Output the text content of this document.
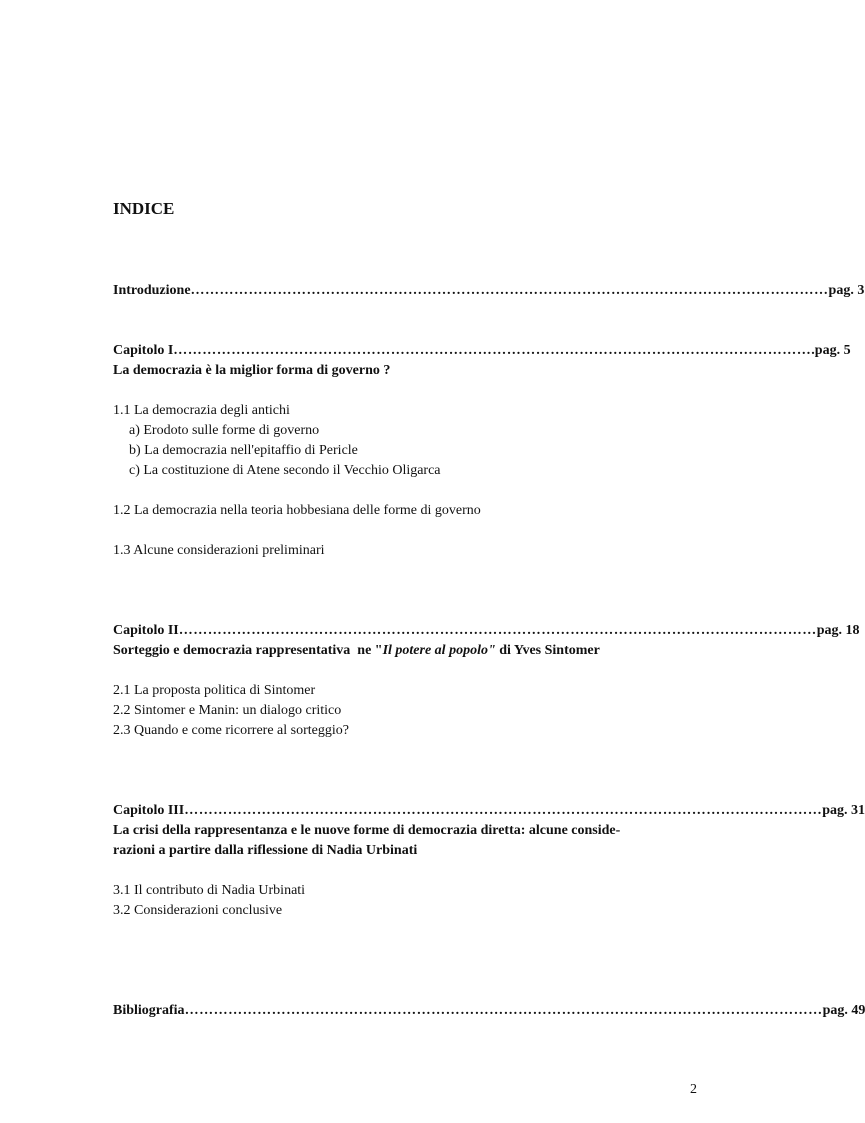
INDICE
Introduzione …………………………………………………………………………………………………………………… pag. 3
Capitolo I …………………………………………………………………………………………………………………… .pag. 5
La democrazia è la miglior forma di governo ?
1.1 La democrazia degli antichi
a) Erodoto sulle forme di governo
b) La democrazia nell'epitaffio di Pericle
c) La costituzione di Atene secondo il Vecchio Oligarca
1.2 La democrazia nella teoria hobbesiana delle forme di governo
1.3 Alcune considerazioni preliminari
Capitolo II …………………………………………………………………………………………………………………… pag. 18
Sorteggio e democrazia rappresentativa  ne "Il potere al popolo" di Yves Sintomer
2.1 La proposta politica di Sintomer
2.2 Sintomer e Manin: un dialogo critico
2.3 Quando e come ricorrere al sorteggio?
Capitolo III …………………………………………………………………………………………………………………… pag. 31
La crisi della rappresentanza e le nuove forme di democrazia diretta: alcune conside-
razioni a partire dalla riflessione di Nadia Urbinati
3.1 Il contributo di Nadia Urbinati
3.2 Considerazioni conclusive
Bibliografia …………………………………………………………………………………………………………………… pag. 49
2
